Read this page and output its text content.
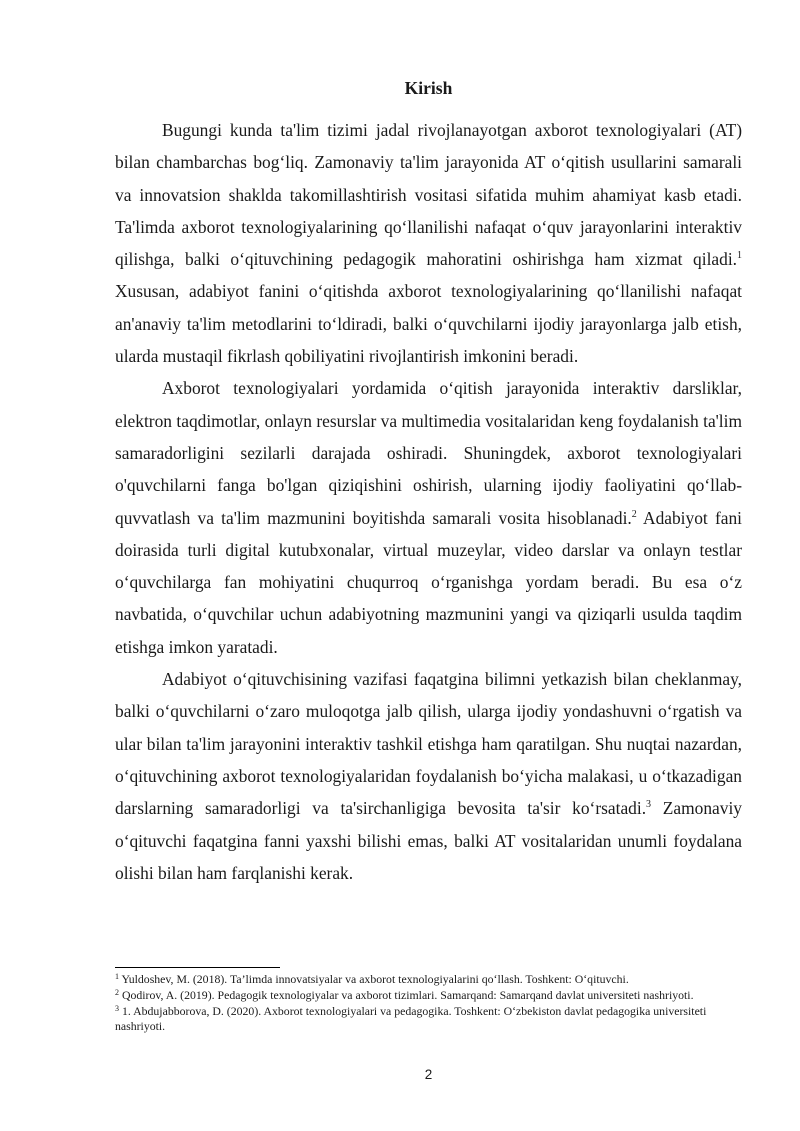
Kirish

Bugungi kunda ta'lim tizimi jadal rivojlanayotgan axborot texnologiyalari (AT) bilan chambarchas bog‘liq. Zamonaviy ta'lim jarayonida AT o‘qitish usullarini samarali va innovatsion shaklda takomillashtirish vositasi sifatida muhim ahamiyat kasb etadi. Ta'limda axborot texnologiyalarining qo‘llanilishi nafaqat o‘quv jarayonlarini interaktiv qilishga, balki o‘qituvchining pedagogik mahoratini oshirishga ham xizmat qiladi.$^1$ Xususan, adabiyot fanini o‘qitishda axborot texnologiyalarining qo‘llanilishi nafaqat an'anaviy ta'lim metodlarini to‘ldiradi, balki o‘quvchilarni ijodiy jarayonlarga jalb etish, ularda mustaqil fikrlash qobiliyatini rivojlantirish imkonini beradi.

Axborot texnologiyalari yordamida o‘qitish jarayonida interaktiv darsliklar, elektron taqdimotlar, onlayn resurslar va multimedia vositalaridan keng foydalanish ta'lim samaradorligini sezilarli darajada oshiradi. Shuningdek, axborot texnologiyalari o'quvchilarni fanga bo'lgan qiziqishini oshirish, ularning ijodiy faoliyatini qo‘llab-quvvatlash va ta'lim mazmunini boyitishda samarali vosita hisoblanadi.$^2$ Adabiyot fani doirasida turli digital kutubxonalar, virtual muzeylar, video darslar va onlayn testlar o‘quvchilarga fan mohiyatini chuqurroq o‘rganishga yordam beradi. Bu esa o‘z navbatida, o‘quvchilar uchun adabiyotning mazmunini yangi va qiziqarli usulda taqdim etishga imkon yaratadi.

Adabiyot o‘qituvchisining vazifasi faqatgina bilimni yetkazish bilan cheklanmay, balki o‘quvchilarni o‘zaro muloqotga jalb qilish, ularga ijodiy yondashuvni o‘rgatish va ular bilan ta'lim jarayonini interaktiv tashkil etishga ham qaratilgan. Shu nuqtai nazardan, o‘qituvchining axborot texnologiyalaridan foydalanish bo‘yicha malakasi, u o‘tkazadigan darslarning samaradorligi va ta'sirchanligiga bevosita ta'sir ko‘rsatadi.$^3$ Zamonaviy o‘qituvchi faqatgina fanni yaxshi bilishi emas, balki AT vositalaridan unumli foydalana olishi bilan ham farqlanishi kerak.

$^1$ Yuldoshev, M. (2018). Ta’limda innovatsiyalar va axborot texnologiyalarini qo‘llash. Toshkent: O‘qituvchi.

$^2$ Qodirov, A. (2019). Pedagogik texnologiyalar va axborot tizimlari. Samarqand: Samarqand davlat universiteti nashriyoti.

$^3$ 1. Abdujabborova, D. (2020). Axborot texnologiyalari va pedagogika. Toshkent: O‘zbekiston davlat pedagogika universiteti nashriyoti.

2
